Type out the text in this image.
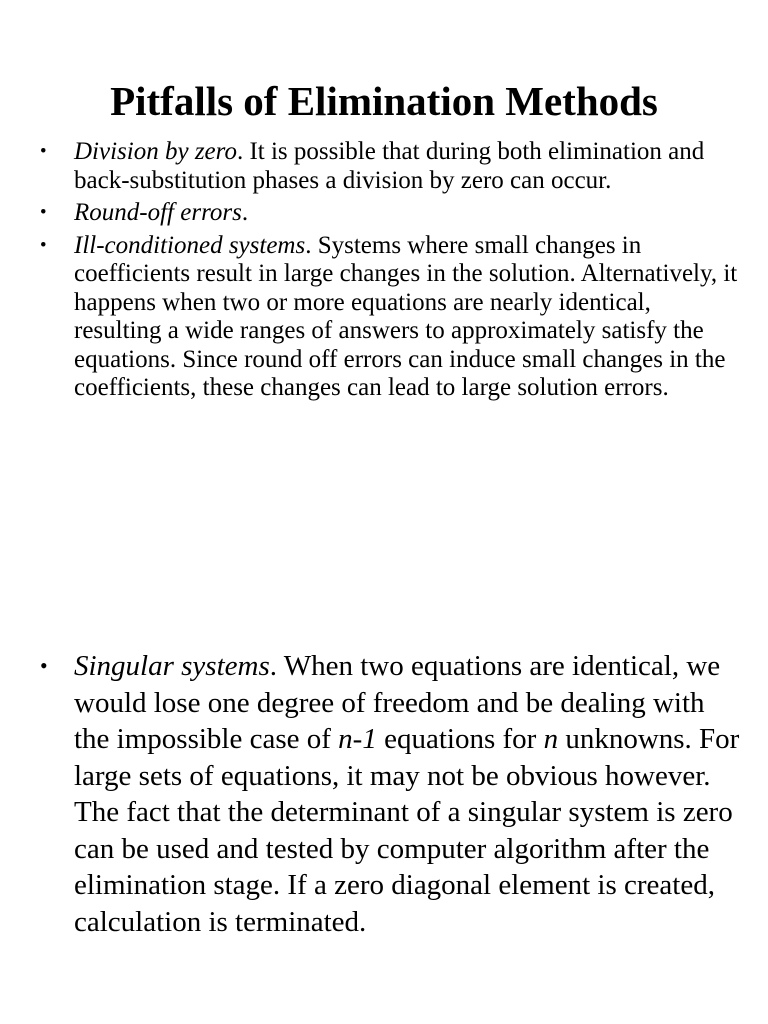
Pitfalls of Elimination Methods
• Division by zero. It is possible that during both elimination and back-substitution phases a division by zero can occur.
• Round-off errors.
• Ill-conditioned systems. Systems where small changes in coefficients result in large changes in the solution. Alternatively, it happens when two or more equations are nearly identical, resulting a wide ranges of answers to approximately satisfy the equations. Since round off errors can induce small changes in the coefficients, these changes can lead to large solution errors.
• Singular systems. When two equations are identical, we would lose one degree of freedom and be dealing with the impossible case of n-1 equations for n unknowns. For large sets of equations, it may not be obvious however. The fact that the determinant of a singular system is zero can be used and tested by computer algorithm after the elimination stage. If a zero diagonal element is created, calculation is terminated.
